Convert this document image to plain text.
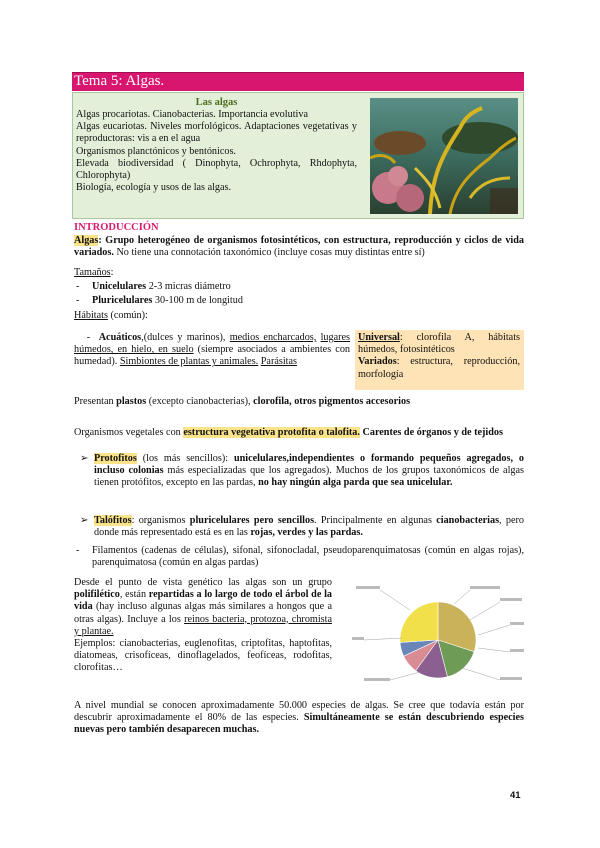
Tema 5: Algas.
Las algas
Algas procariotas. Cianobacterias. Importancia evolutiva
Algas eucariotas. Niveles morfológicos. Adaptaciones vegetativas y reproductoras: vis a en el agua
Organismos planctónicos y bentónicos.
Elevada biodiversidad ( Dinophyta, Ochrophyta, Rhdophyta, Chlorophyta)
Biología, ecología y usos de las algas.
INTRODUCCIÓN
Algas: Grupo heterogéneo de organismos fotosintéticos, con estructura, reproducción y ciclos de vida variados. No tiene una connotación taxonómico (incluye cosas muy distintas entre sí)
Tamaños:
-	Unicelulares 2-3 micras diámetro
-	Pluricelulares 30-100 m de longitud
Hábitats (común):
-  Acuáticos,(dulces y marinos), medios encharcados, lugares húmedos, en hielo, en suelo (siempre asociados a ambientes con humedad). Simbiontes de plantas y animales. Parásitas
Universal: clorofila A, hábitats húmedos, fotosintéticos
Variados: estructura, reproducción, morfología
Presentan plastos (excepto cianobacterias), clorofila, otros pigmentos accesorios
Organismos vegetales con estructura vegetativa protofita o talofita. Carentes de órganos y de tejidos
➢ Protofitos (los más sencillos): unicelulares,independientes o formando pequeños agregados, o incluso colonias más especializadas que los agregados). Muchos de los grupos taxonómicos de algas tienen protófitos, excepto en las pardas, no hay ningún alga parda que sea unicelular.
➢ Talófitos: organismos pluricelulares pero sencillos. Principalmente en algunas cianobacterias, pero donde más representado está es en las rojas, verdes y las pardas.
-	Filamentos (cadenas de células), sifonal, sifonocladal, pseudoparenquimatosas (común en algas rojas), parenquimatosa (común en algas pardas)
Desde el punto de vista genético las algas son un grupo polifilético, están repartidas a lo largo de todo el árbol de la vida (hay incluso algunas algas más similares a hongos que a otras algas). Incluye a los reinos bacteria, protozoa, chromista y plantae.
Ejemplos: cianobacterias, euglenofitas, criptofitas, haptofitas, diatomeas, crisofíceas, dinoflagelados, feofíceas, rodofitas, clorofitas…
A nivel mundial se conocen aproximadamente 50.000 especies de algas. Se cree que todavía están por descubrir aproximadamente el 80% de las especies. Simultáneamente se están descubriendo especies nuevas pero también desaparecen muchas.
41
